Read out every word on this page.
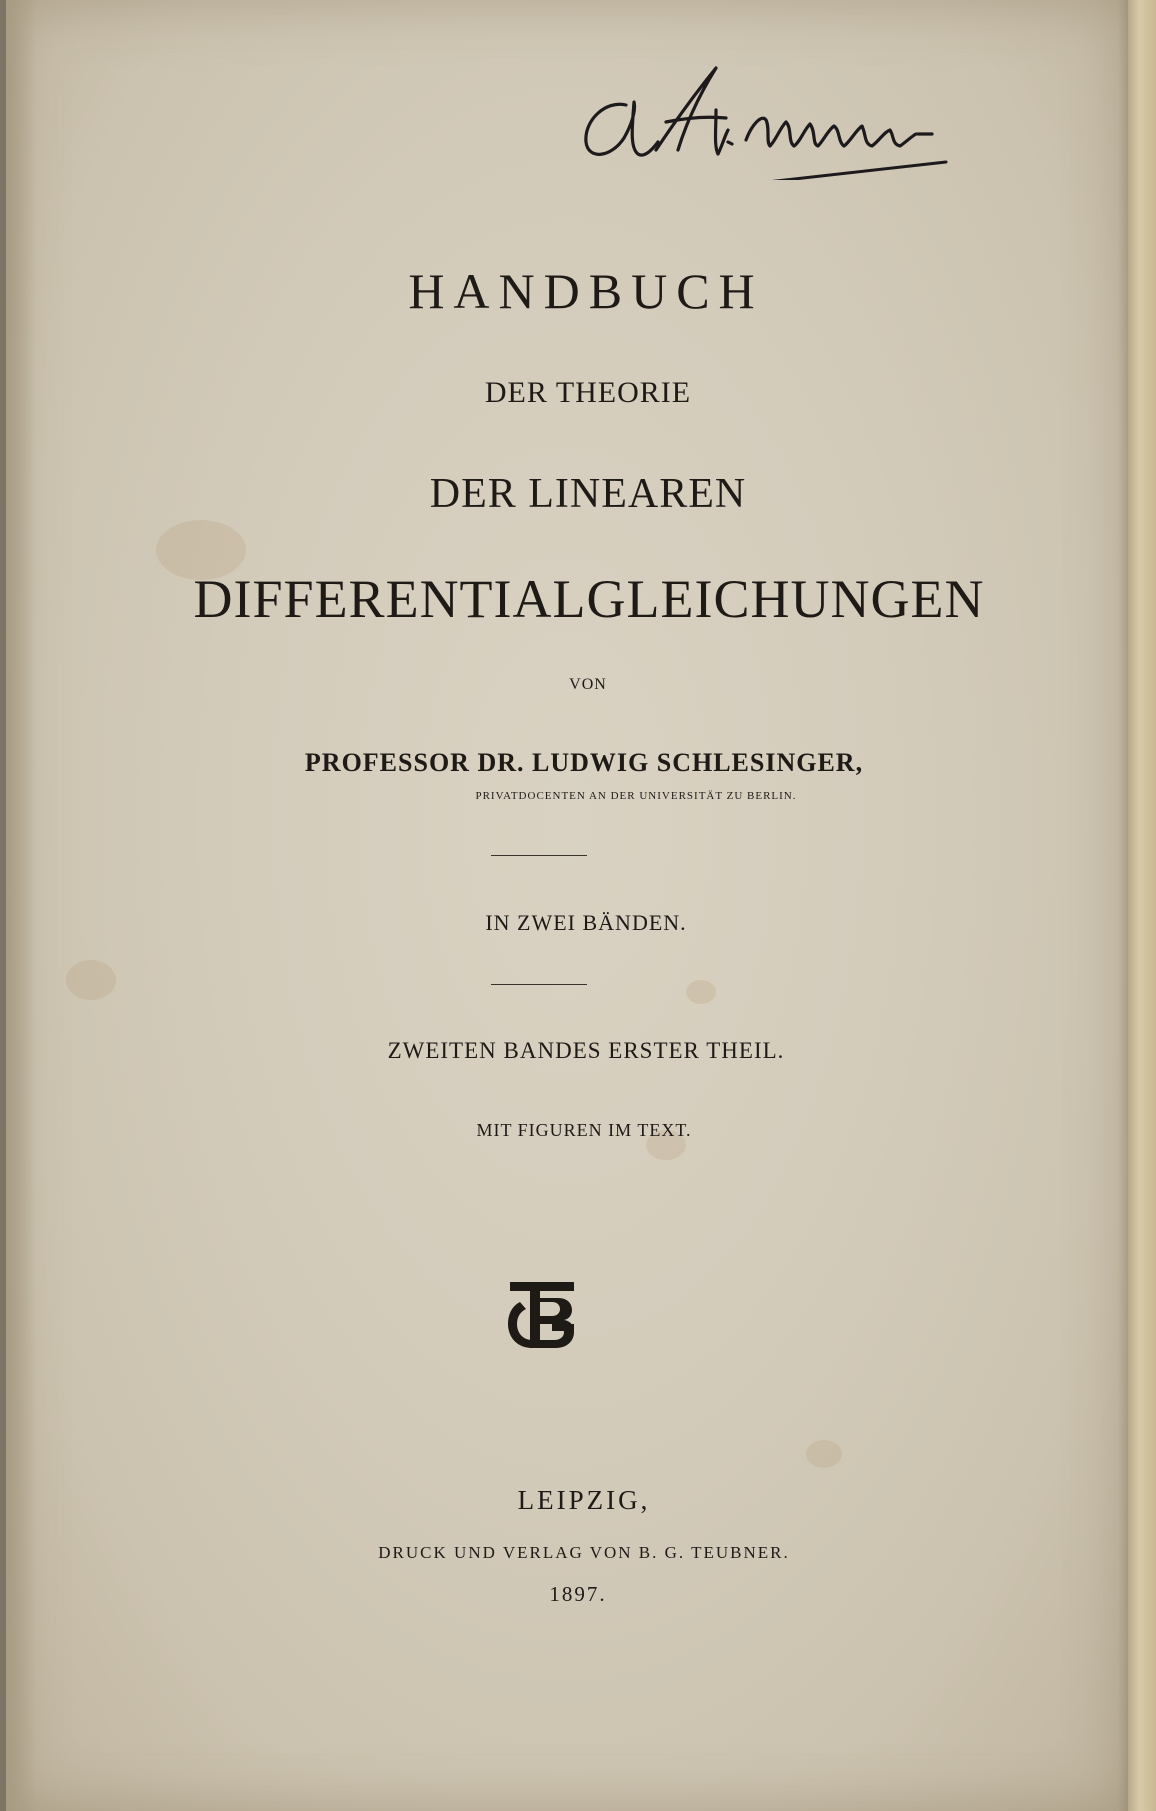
HANDBUCH
DER THEORIE
DER LINEAREN
DIFFERENTIALGLEICHUNGEN
VON
PROFESSOR DR. LUDWIG SCHLESINGER,
PRIVATDOCENTEN AN DER UNIVERSITÄT ZU BERLIN.
IN ZWEI BÄNDEN.
ZWEITEN BANDES ERSTER THEIL.
MIT FIGUREN IM TEXT.
LEIPZIG,
DRUCK UND VERLAG VON B. G. TEUBNER.
1897.
